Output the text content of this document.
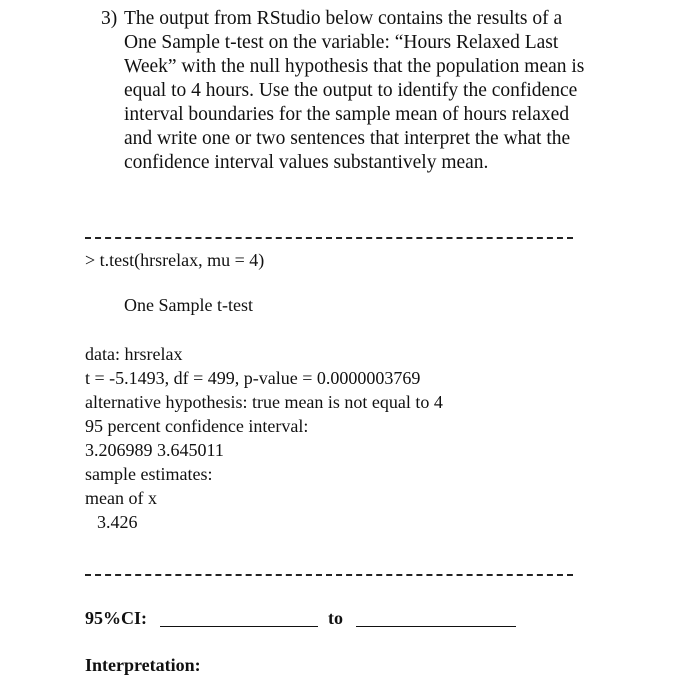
3) The output from RStudio below contains the results of a
One Sample t-test on the variable: “Hours Relaxed Last
Week” with the null hypothesis that the population mean is
equal to 4 hours. Use the output to identify the confidence
interval boundaries for the sample mean of hours relaxed
and write one or two sentences that interpret the what the
confidence interval values substantively mean.
> t.test(hrsrelax, mu = 4)
One Sample t-test
data: hrsrelax
t = -5.1493, df = 499, p-value = 0.0000003769
alternative hypothesis: true mean is not equal to 4
95 percent confidence interval:
3.206989 3.645011
sample estimates:
mean of x
3.426
95%CI:	to
Interpretation:
